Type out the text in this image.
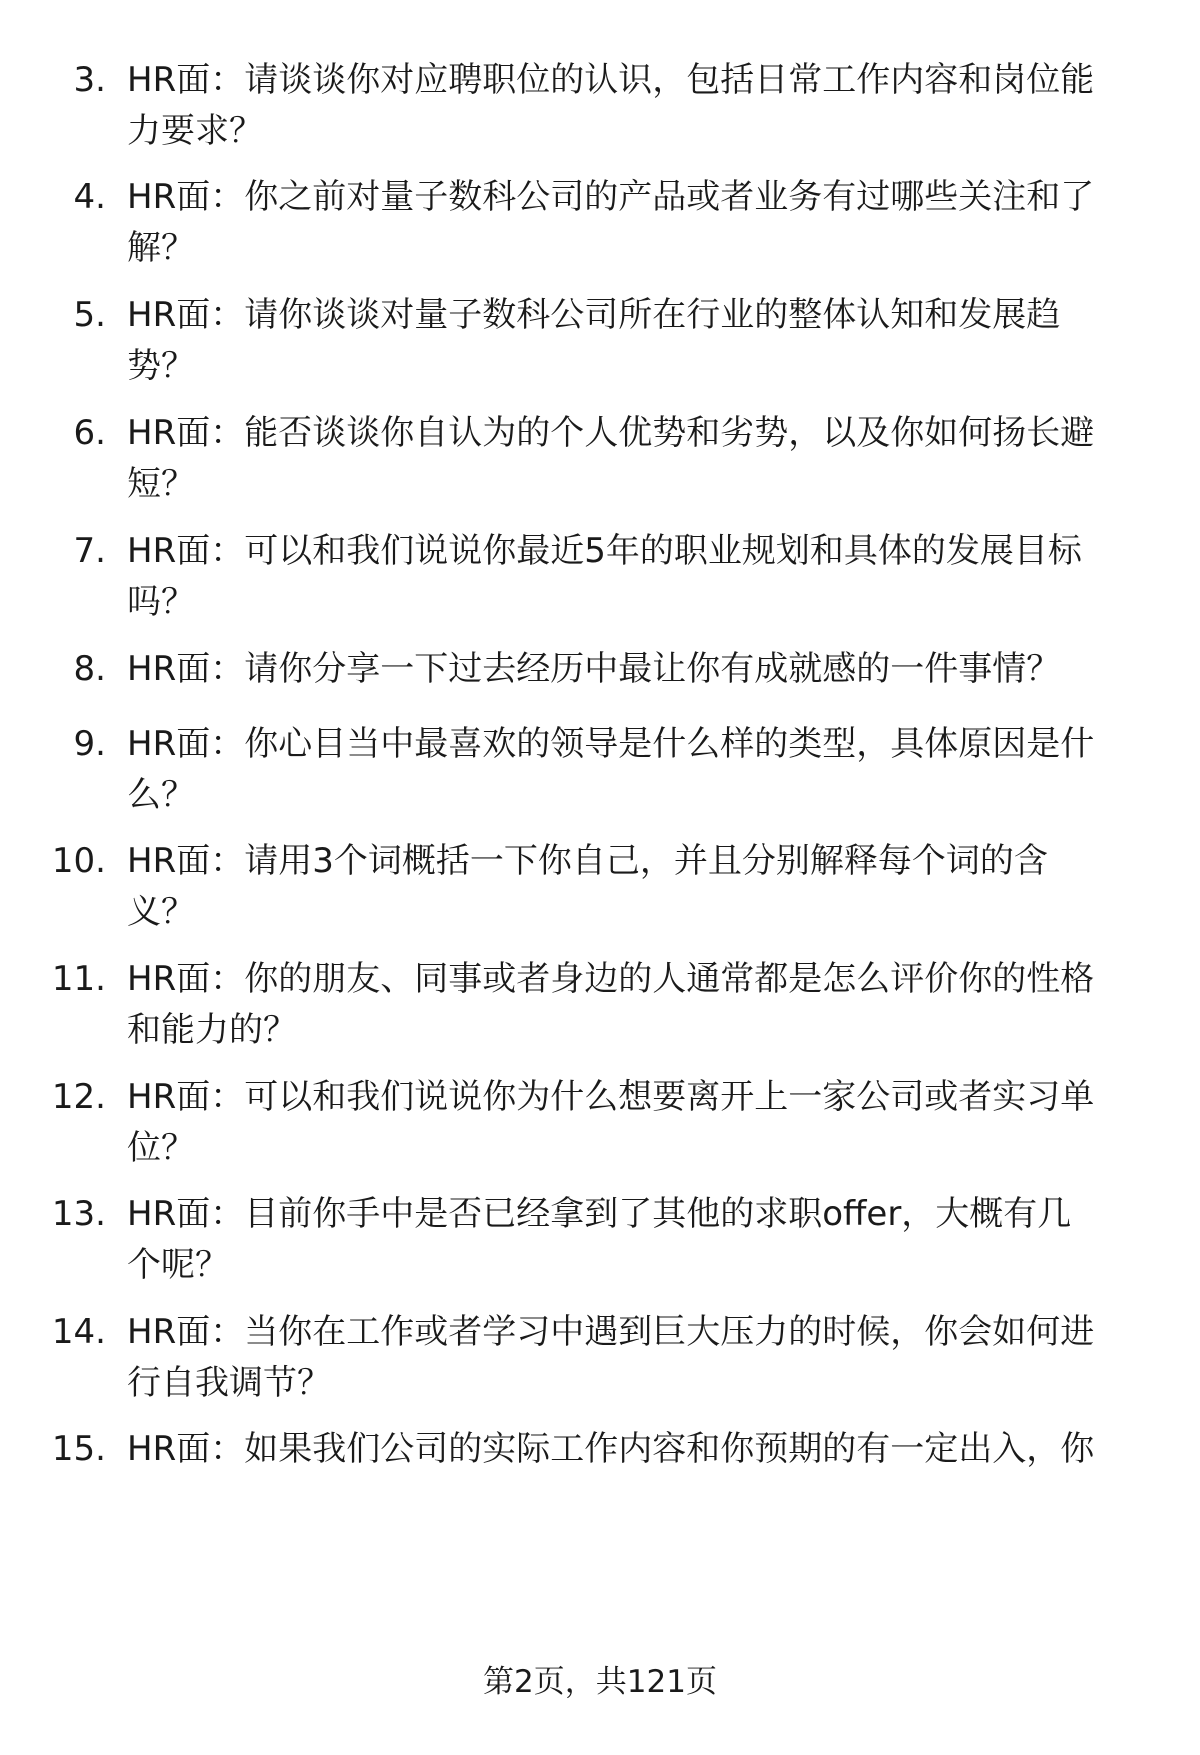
3. HR面：请谈谈你对应聘职位的认识，包括日常工作内容和岗位能
力要求？
4. HR面：你之前对量子数科公司的产品或者业务有过哪些关注和了
解？
5. HR面：请你谈谈对量子数科公司所在行业的整体认知和发展趋
势？
6. HR面：能否谈谈你自认为的个人优势和劣势，以及你如何扬长避
短？
7. HR面：可以和我们说说你最近5年的职业规划和具体的发展目标
吗？
8. HR面：请你分享一下过去经历中最让你有成就感的一件事情？
9. HR面：你心目当中最喜欢的领导是什么样的类型，具体原因是什
么？
10. HR面：请用3个词概括一下你自己，并且分别解释每个词的含
义？
11. HR面：你的朋友、同事或者身边的人通常都是怎么评价你的性格
和能力的？
12. HR面：可以和我们说说你为什么想要离开上一家公司或者实习单
位？
13. HR面：目前你手中是否已经拿到了其他的求职offer，大概有几
个呢？
14. HR面：当你在工作或者学习中遇到巨大压力的时候，你会如何进
行自我调节？
15. HR面：如果我们公司的实际工作内容和你预期的有一定出入，你
第2页，共121页
